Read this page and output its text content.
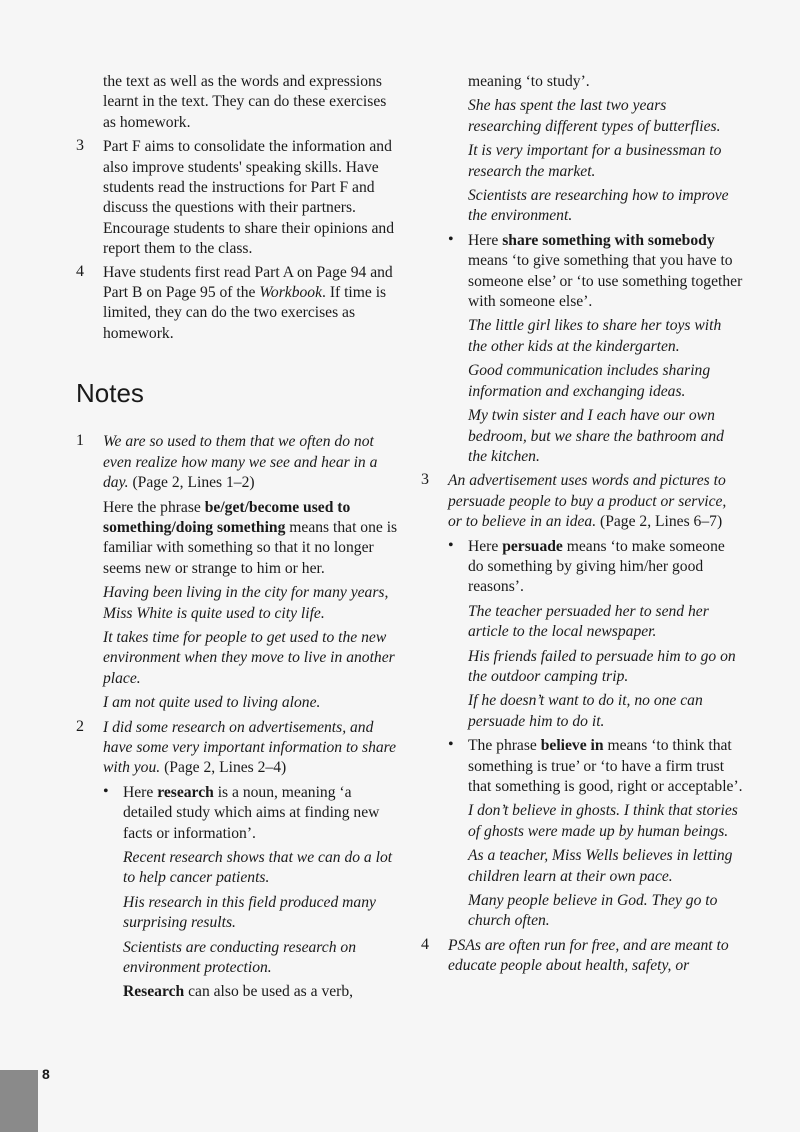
the text as well as the words and expressions learnt in the text. They can do these exercises as homework.

3 Part F aims to consolidate the information and also improve students' speaking skills. Have students read the instructions for Part F and discuss the questions with their partners. Encourage students to share their opinions and report them to the class.

4 Have students first read Part A on Page 94 and Part B on Page 95 of the Workbook. If time is limited, they can do the two exercises as homework.

Notes
1 We are so used to them that we often do not even realize how many we see and hear in a day. (Page 2, Lines 1–2)

Here the phrase be/get/become used to something/doing something means that one is familiar with something so that it no longer seems new or strange to him or her.

Having been living in the city for many years, Miss White is quite used to city life.

It takes time for people to get used to the new environment when they move to live in another place.

I am not quite used to living alone.

2 I did some research on advertisements, and have some very important information to share with you. (Page 2, Lines 2–4)

• Here research is a noun, meaning ‘a detailed study which aims at finding new facts or information’.

Recent research shows that we can do a lot to help cancer patients.

His research in this field produced many surprising results.

Scientists are conducting research on environment protection.

Research can also be used as a verb,

meaning ‘to study’.

She has spent the last two years researching different types of butterflies.

It is very important for a businessman to research the market.

Scientists are researching how to improve the environment.

• Here share something with somebody means ‘to give something that you have to someone else’ or ‘to use something together with someone else’.

The little girl likes to share her toys with the other kids at the kindergarten.

Good communication includes sharing information and exchanging ideas.

My twin sister and I each have our own bedroom, but we share the bathroom and the kitchen.

3 An advertisement uses words and pictures to persuade people to buy a product or service, or to believe in an idea. (Page 2, Lines 6–7)

• Here persuade means ‘to make someone do something by giving him/her good reasons’.

The teacher persuaded her to send her article to the local newspaper.

His friends failed to persuade him to go on the outdoor camping trip.

If he doesn’t want to do it, no one can persuade him to do it.

• The phrase believe in means ‘to think that something is true’ or ‘to have a firm trust that something is good, right or acceptable’.

I don’t believe in ghosts. I think that stories of ghosts were made up by human beings.

As a teacher, Miss Wells believes in letting children learn at their own pace.

Many people believe in God. They go to church often.

4 PSAs are often run for free, and are meant to educate people about health, safety, or

8
